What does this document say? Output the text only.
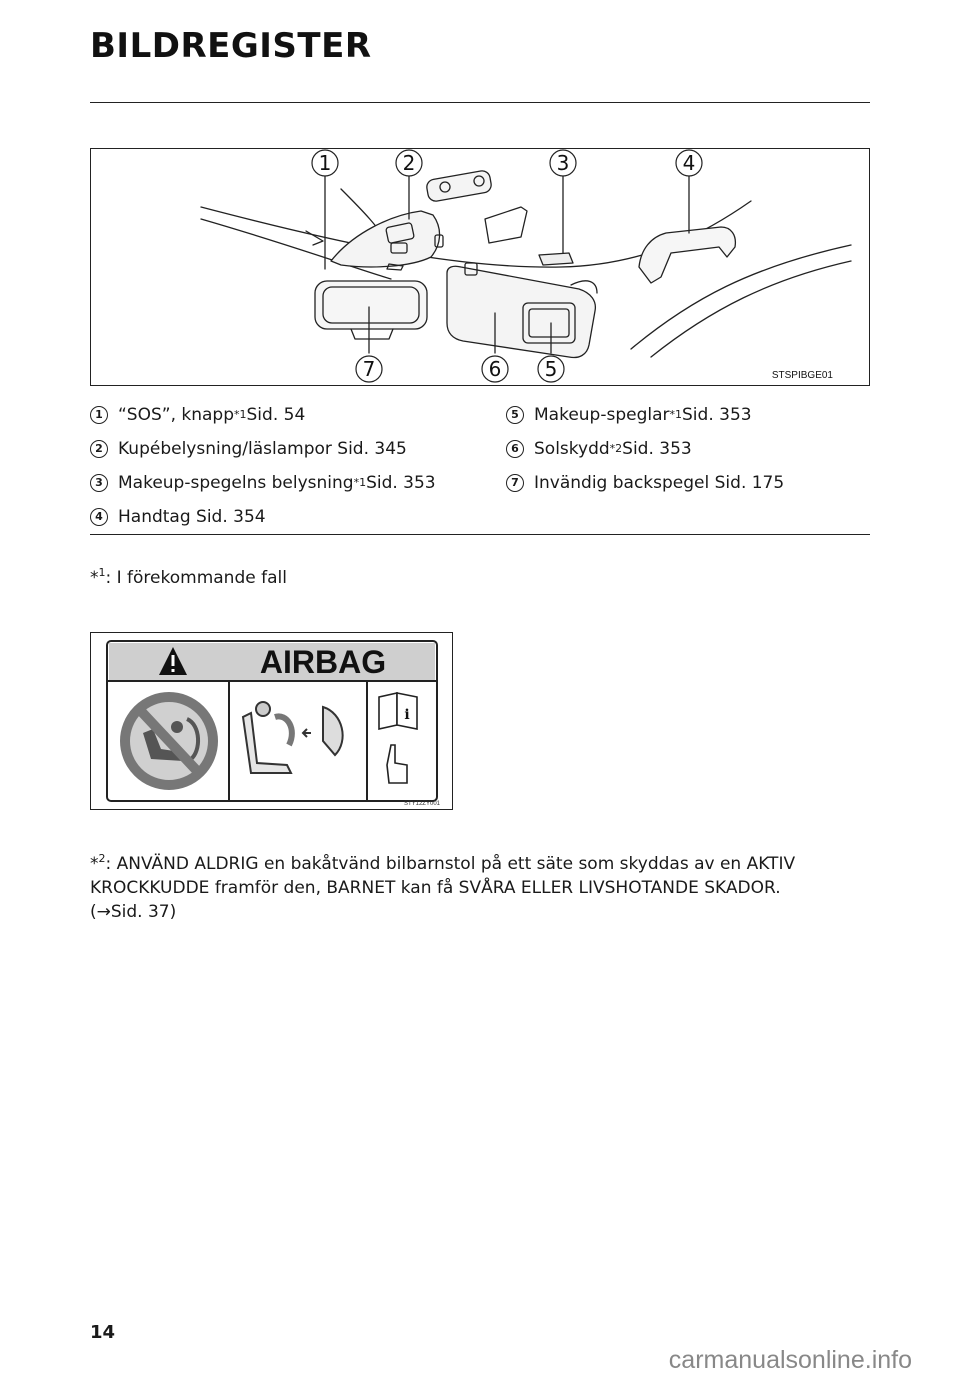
BILDREGISTER
1	2	3	4
7	6 5	STSPIBGE01
1 “SOS”, knapp *1 Sid. 54
2 Kupébelysning/läslampor Sid. 345
3 Makeup-spegelns belysning *1 Sid. 353
4 Handtag Sid. 354
5 Makeup-speglar *1 Sid. 353
6 Solskydd *2 Sid. 353
7 Invändig backspegel Sid. 175
*$^1$: I förekommande fall
AIRBAG
i
STY12ZY001
*$^2$: ANVÄND ALDRIG en bakåtvänd bilbarnstol på ett säte som skyddas av en AKTIV
KROCKKUDDE framför den, BARNET kan få SVÅRA ELLER LIVSHOTANDE SKADOR.
(→Sid. 37)
14
carmanualsonline.info
